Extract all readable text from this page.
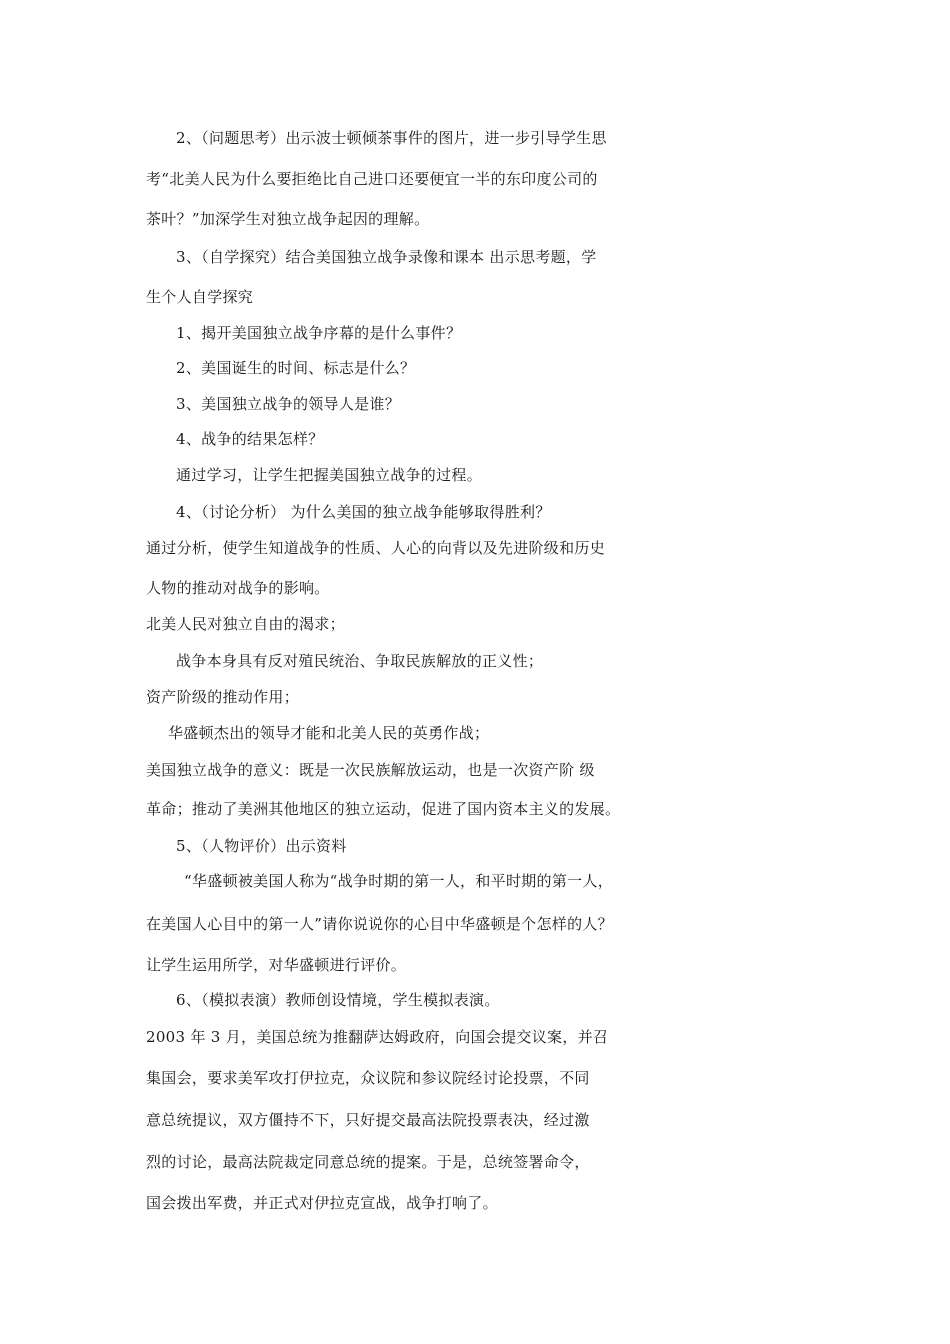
2、（问题思考）出示波士顿倾茶事件的图片，进一步引导学生思
考“北美人民为什么要拒绝比自己进口还要便宜一半的东印度公司的
茶叶？”加深学生对独立战争起因的理解。
3、（自学探究）结合美国独立战争录像和课本 出示思考题，学
生个人自学探究
1、揭开美国独立战争序幕的是什么事件？
2、美国诞生的时间、标志是什么？
3、美国独立战争的领导人是谁？
4、战争的结果怎样？
通过学习，让学生把握美国独立战争的过程。
4、（讨论分析） 为什么美国的独立战争能够取得胜利？
通过分析，使学生知道战争的性质、人心的向背以及先进阶级和历史
人物的推动对战争的影响。
北美人民对独立自由的渴求；
战争本身具有反对殖民统治、争取民族解放的正义性；
资产阶级的推动作用；
华盛顿杰出的领导才能和北美人民的英勇作战；
美国独立战争的意义：既是一次民族解放运动，也是一次资产阶 级
革命；推动了美洲其他地区的独立运动，促进了国内资本主义的发展。
5、（人物评价）出示资料
“华盛顿被美国人称为“战争时期的第一人，和平时期的第一人，
在美国人心目中的第一人”请你说说你的心目中华盛顿是个怎样的人？
让学生运用所学，对华盛顿进行评价。
6、（模拟表演）教师创设情境，学生模拟表演。
2003 年 3 月，美国总统为推翻萨达姆政府，向国会提交议案，并召
集国会，要求美军攻打伊拉克，众议院和参议院经讨论投票，不同
意总统提议，双方僵持不下，只好提交最高法院投票表决，经过激
烈的讨论，最高法院裁定同意总统的提案。于是，总统签署命令，
国会拨出军费，并正式对伊拉克宣战，战争打响了。
